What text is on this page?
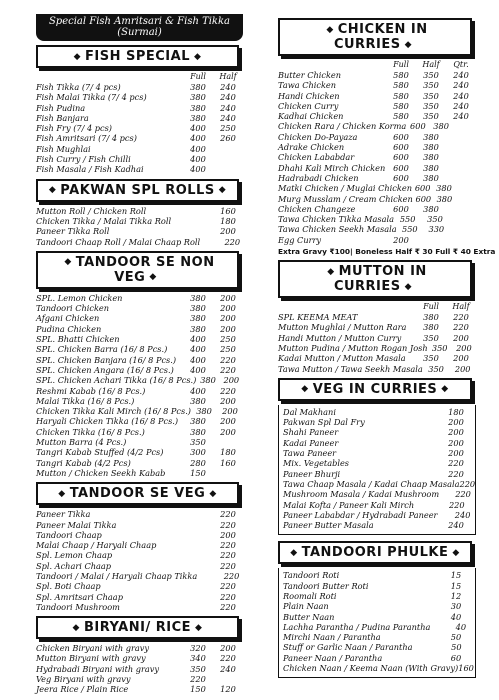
Special Fish Amritsari & Fish Tikka (Surmai)
◆ FISH SPECIAL ◆
Full	Half
Fish Tikka (7/ 4 pcs)	380	240
Fish Malai Tikka (7/ 4 pcs)	380	240
Fish Pudina	380	240
Fish Banjara	380	240
Fish Fry (7/ 4 pcs)	400	250
Fish Amritsari (7/ 4 pcs)	400	260
Fish Mughlai	400
Fish Curry / Fish Chilli	400
Fish Masala / Fish Kadhai	400
◆ PAKWAN SPL ROLLS ◆
Mutton Roll / Chicken Roll	160
Chicken Tikka / Malai Tikka Roll	180
Paneer Tikka Roll	200
Tandoori Chaap Roll / Malai Chaap Roll	220
◆ TANDOOR SE NON VEG ◆
SPL. Lemon Chicken	380	200
Tandoori Chicken	380	200
Afgani Chicken	380	200
Pudina Chicken	380	200
SPL. Bhatti Chicken	400	250
SPL. Chicken Barra (16/ 8 Pcs.)	400	250
SPL. Chicken Banjara (16/ 8 Pcs.)	400	220
SPL. Chicken Angara (16/ 8 Pcs.)	400	220
SPL. Chicken Achari Tikka (16/ 8 Pcs.) 380 200
Reshmi Kabab (16/ 8 Pcs.)	400	220
Malai Tikka (16/ 8 Pcs.)	380	200
Chicken Tikka Kali Mirch (16/ 8 Pcs.) 380	200
Haryali Chicken Tikka (16/ 8 Pcs.)	380	200
Chicken Tikka (16/ 8 Pcs.)	380	200
Mutton Barra (4 Pcs.)	350
Tangri Kabab Stuffed (4/2 Pcs)	300	180
Tangri Kabab (4/2 Pcs)	280	160
Mutton / Chicken Seekh Kabab	150
◆ TANDOOR SE VEG ◆
Paneer Tikka	220
Paneer Malai Tikka	220
Tandoori Chaap	200
Malai Chaap / Haryali Chaap	220
Spl. Lemon Chaap	220
Spl. Achari Chaap	220
Tandoori / Malai / Haryali Chaap Tikka	220
Spl. Boti Chaap	220
Spl. Amritsari Chaap	220
Tandoori Mushroom	220
◆ BIRYANI/ RICE ◆
Chicken Biryani with gravy	320	200
Mutton Biryani with gravy	340	220
Hydrabadi Biryani with gravy	350	240
Veg Biryani with gravy	220
Jeera Rice / Plain Rice	150	120
◆ CHICKEN IN CURRIES ◆
Full	Half	Qtr.
Butter Chicken	580	350	240
Tawa Chicken	580	350	240
Handi Chicken	580	350	240
Chicken Curry	580	350	240
Kadhai Chicken	580	350	240
Chicken Rara / Chicken Korma 600 380
Chicken Do-Payaza	600	380
Adrake Chicken	600	380
Chicken Lababdar	600	380
Dhahi Kali Mirch Chicken 600	380
Hadrabadi Chicken	600	380
Matki Chicken / Muglai Chicken 600 380
Murg Musslam / Cream Chicken 600 380
Chicken Changeze	600	380
Tawa Chicken Tikka Masala 550	350
Tawa Chicken Seekh Masala 550	330
Egg Curry	200
Extra Gravy ₹100| Boneless Half ₹ 30 Full ₹ 40 Extra
◆ MUTTON IN CURRIES ◆
Full	Half
SPL KEEMA MEAT	380	220
Mutton Mughlai / Mutton Rara	380	220
Handi Mutton / Mutton Curry	350	200
Mutton Pudina / Mutton Rogan Josh 350	200
Kadai Mutton / Mutton Masala	350	200
Tawa Mutton / Tawa Seekh Masala 350	200
◆ VEG IN CURRIES ◆
Dal Makhani	180
Pakwan Spl Dal Fry	200
Shahi Paneer	200
Kadai Paneer	200
Tawa Paneer	200
Mix. Vegetables	220
Paneer Bhurji	220
Tawa Chaap Masala / Kadai Chaap Masala 220
Mushroom Masala / Kadai Mushroom 220
Malai Kofta / Paneer Kali Mirch	220
Paneer Lababdar / Hydrabadi Paneer 240
Paneer Butter Masala	240
◆ TANDOORI PHULKE ◆
Tandoori Roti	15
Tandoori Butter Roti	15
Roomali Roti	12
Plain Naan	30
Butter Naan	40
Lachha Parantha / Pudina Parantha	40
Mirchi Naan / Parantha	50
Stuff or Garlic Naan / Parantha	50
Paneer Naan / Parantha	60
Chicken Naan / Keema Naan (With Gravy) 160
